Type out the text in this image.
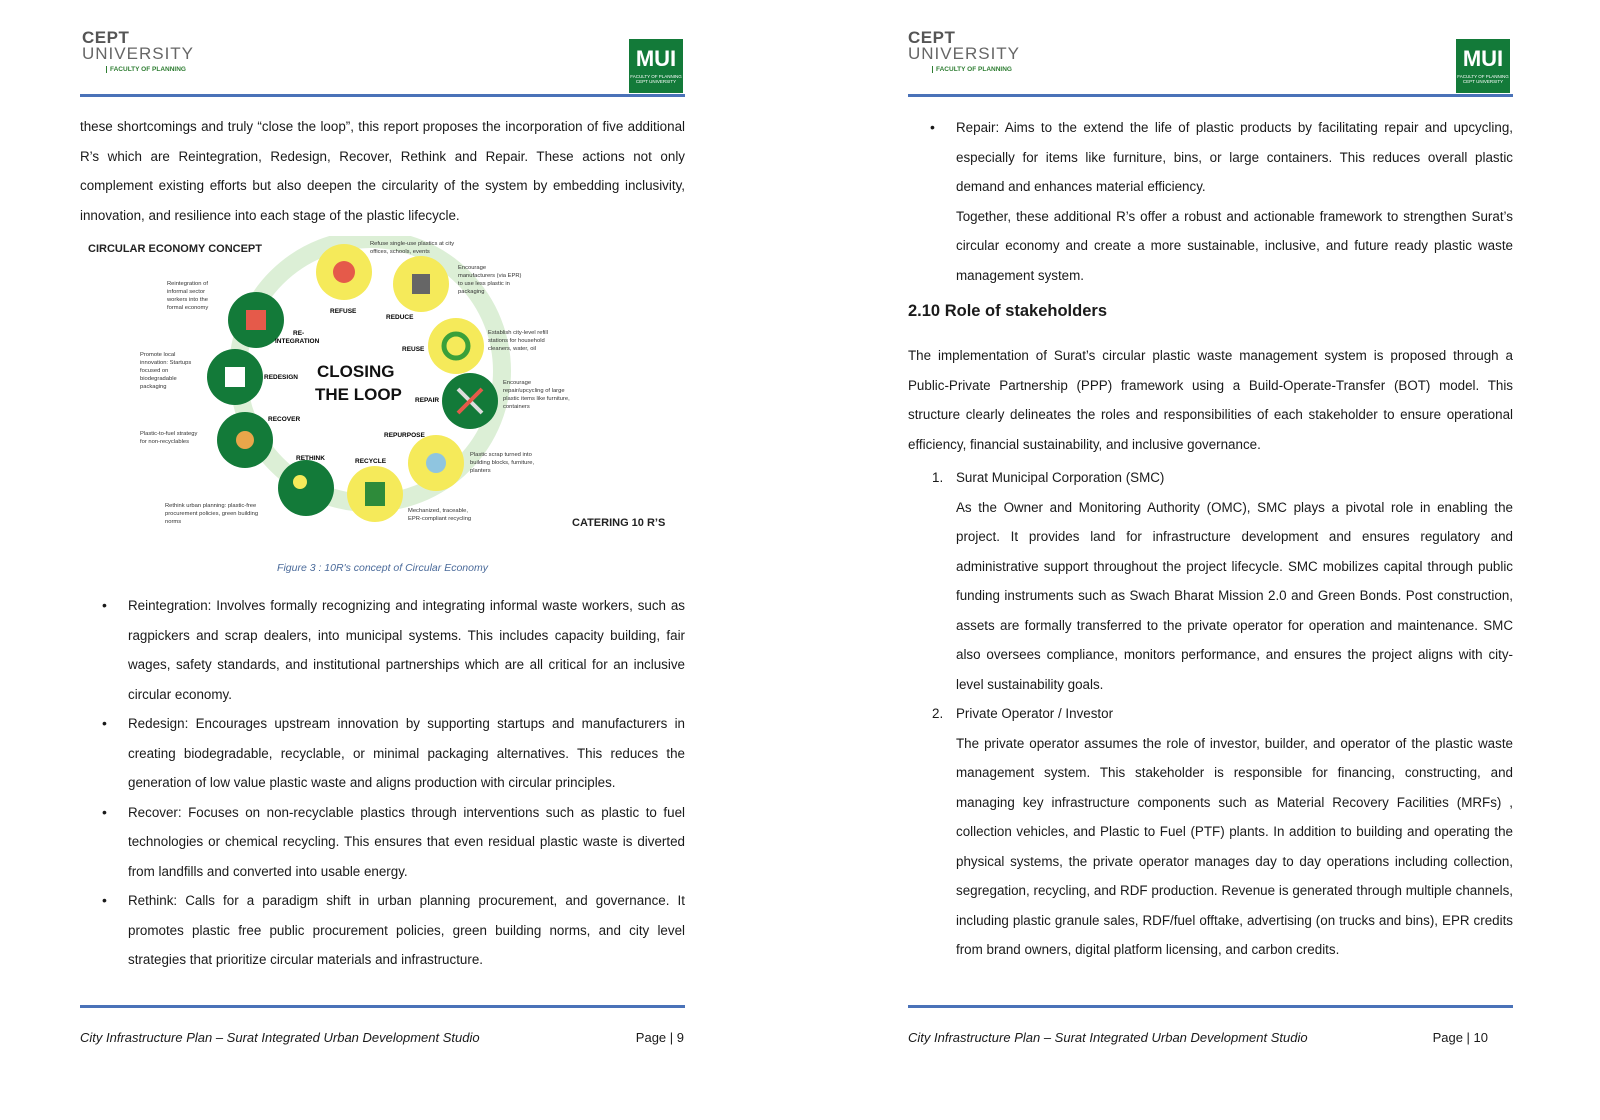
CEPT
UNIVERSITY
FACULTY OF PLANNING	MUI
FACULTY OF PLANNING CEPT UNIVERSITY

these shortcomings and truly “close the loop”, this report proposes the incorporation of five additional R’s which are Reintegration, Redesign, Recover, Rethink and Repair. These actions not only complement existing efforts but also deepen the circularity of the system by embedding inclusivity, innovation, and resilience into each stage of the plastic lifecycle.

CIRCULAR ECONOMY CONCEPT
CLOSING
THE LOOP
CATERING 10 R’S
REFUSE
REDUCE
REUSE
REPAIR
REPURPOSE
RECYCLE
RETHINK
RECOVER
REDESIGN
RE-
INTEGRATION
Refuse single-use plastics at city
offices, schools, events
Encourage
manufacturers (via EPR)
to use less plastic in
packaging
Establish city-level refill
stations for household
cleaners, water, oil
Encourage
repair/upcycling of large
plastic items like furniture,
containers
Plastic scrap turned into
building blocks, furniture,
planters
Mechanized, traceable,
EPR-compliant recycling
Rethink urban planning: plastic-free
procurement policies, green building
norms
Plastic-to-fuel strategy
for non-recyclables
Promote local
innovation: Startups
focused on
biodegradable
packaging
Reintegration of
informal sector
workers into the
formal economy
Figure 3 : 10R's concept of Circular Economy
• Reintegration: Involves formally recognizing and integrating informal waste workers, such as ragpickers and scrap dealers, into municipal systems. This includes capacity building, fair wages, safety standards, and institutional partnerships which are all critical for an inclusive circular economy.
• Redesign: Encourages upstream innovation by supporting startups and manufacturers in creating biodegradable, recyclable, or minimal packaging alternatives. This reduces the generation of low value plastic waste and aligns production with circular principles.
• Recover: Focuses on non-recyclable plastics through interventions such as plastic to fuel technologies or chemical recycling. This ensures that even residual plastic waste is diverted from landfills and converted into usable energy.
• Rethink: Calls for a paradigm shift in urban planning procurement, and governance. It promotes plastic free public procurement policies, green building norms, and city level strategies that prioritize circular materials and infrastructure.
City Infrastructure Plan – Surat Integrated Urban Development Studio	Page | 9
CEPT
UNIVERSITY
FACULTY OF PLANNING	MUI
FACULTY OF PLANNING CEPT UNIVERSITY
• Repair: Aims to the extend the life of plastic products by facilitating repair and upcycling, especially for items like furniture, bins, or large containers. This reduces overall plastic demand and enhances material efficiency.
Together, these additional R’s offer a robust and actionable framework to strengthen Surat’s circular economy and create a more sustainable, inclusive, and future ready plastic waste management system.
2.10 Role of stakeholders

The implementation of Surat’s circular plastic waste management system is proposed through a Public-Private Partnership (PPP) framework using a Build-Operate-Transfer (BOT) model. This structure clearly delineates the roles and responsibilities of each stakeholder to ensure operational efficiency, financial sustainability, and inclusive governance.

1. Surat Municipal Corporation (SMC)
As the Owner and Monitoring Authority (OMC), SMC plays a pivotal role in enabling the project. It provides land for infrastructure development and ensures regulatory and administrative support throughout the project lifecycle. SMC mobilizes capital through public funding instruments such as Swach Bharat Mission 2.0 and Green Bonds. Post construction, assets are formally transferred to the private operator for operation and maintenance. SMC also oversees compliance, monitors performance, and ensures the project aligns with city-level sustainability goals.
2. Private Operator / Investor
The private operator assumes the role of investor, builder, and operator of the plastic waste management system. This stakeholder is responsible for financing, constructing, and managing key infrastructure components such as Material Recovery Facilities (MRFs) , collection vehicles, and Plastic to Fuel (PTF) plants. In addition to building and operating the physical systems, the private operator manages day to day operations including collection, segregation, recycling, and RDF production. Revenue is generated through multiple channels, including plastic granule sales, RDF/fuel offtake, advertising (on trucks and bins), EPR credits from brand owners, digital platform licensing, and carbon credits.
City Infrastructure Plan – Surat Integrated Urban Development Studio	Page | 10
